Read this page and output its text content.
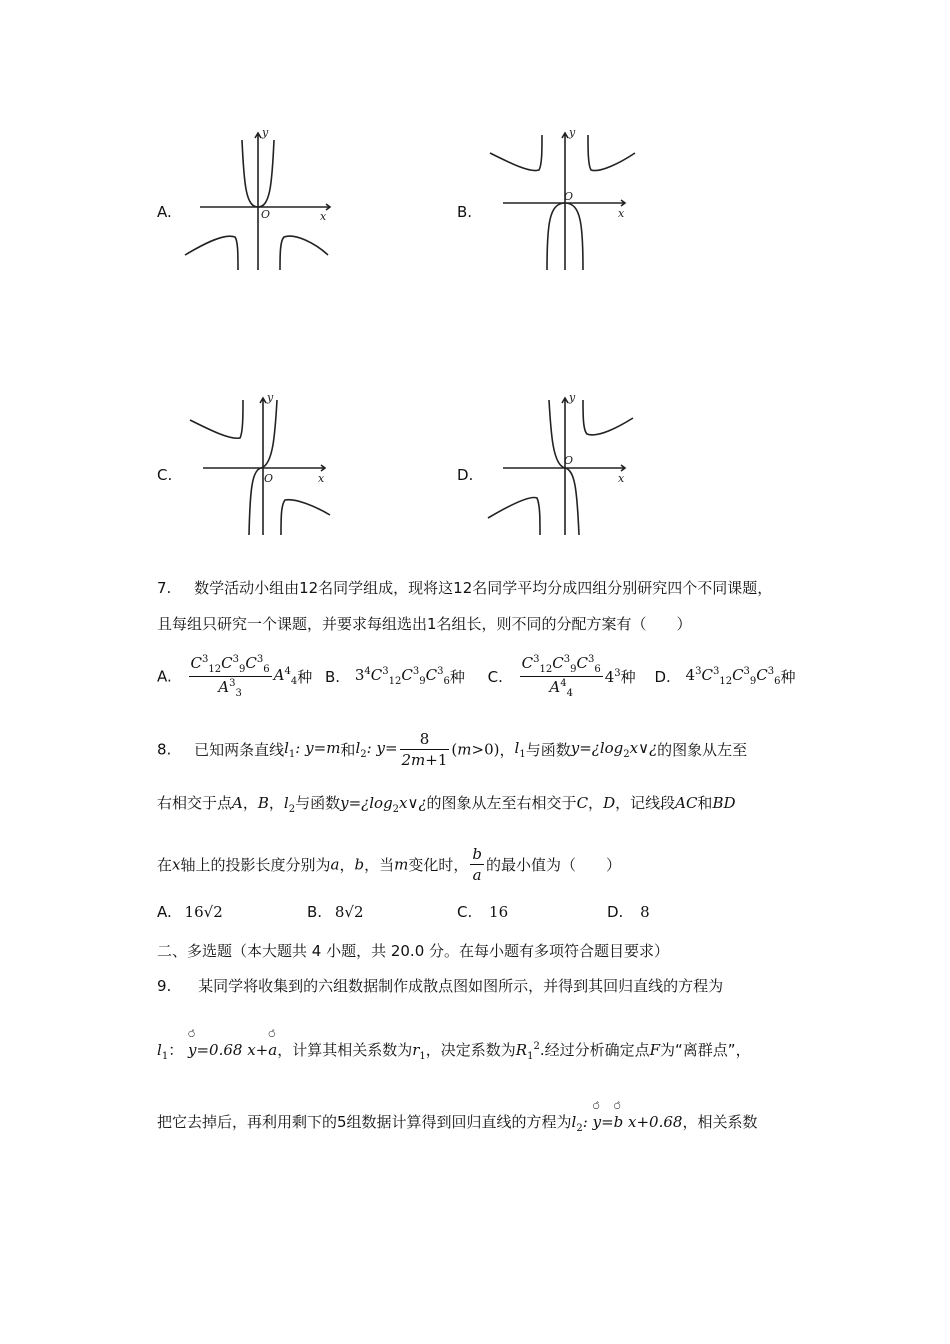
A.	x
y
O	B.	x
y
O
C.	x
y
O	D.	x
y
O
7. 数学活动小组由12名同学组成，现将这12名同学平均分成四组分别研究四个不同课题，
且每组只研究一个课题，并要求每组选出1名组长，则不同的分配方案有（　　）
A. $\frac{C^3_{12}C^3_9C^3_6}{A^3_3} A^4_4$种 B. $3^4C^3_{12}C^3_9C^3_6$种 C. $\frac{C^3_{12}C^3_9C^3_6}{A^4_4} 4^3$种 D. $4^3C^3_{12}C^3_9C^3_6$种
8. 已知两条直线$l_1$: y=m和$l_2$: $y= \frac{8}{2m+1} (m>0)$，$l_1$与函数$y=¿\log_2x\vee¿$的图象从左至
右相交于点A，B，$l_2$与函数$y=¿\log_2x\vee¿$的图象从左至右相交于C，D，记线段AC和BD
在x轴上的投影长度分别为a，b，当m变化时， $\frac{b}{a}$ 的最小值为（　　）
A. 16√2	B. 8√2	C. 16	D. 8
二、多选题（本大题共 4 小题，共 20.0 分。在每小题有多项符合题目要求）
9. 某同学将收集到的六组数据制作成散点图如图所示，并得到其回归直线的方程为
$l_1$： y
○̂
=0.68 x+a
○̂
，计算其相关系数为$r_1$，决定系数为$R_1^2$.经过分析确定点F为“离群点”，
把它去掉后，再利用剩下的5组数据计算得到回归直线的方程为$l_2$: y
○̂
=b
○̂
x+0.68，相关系数
